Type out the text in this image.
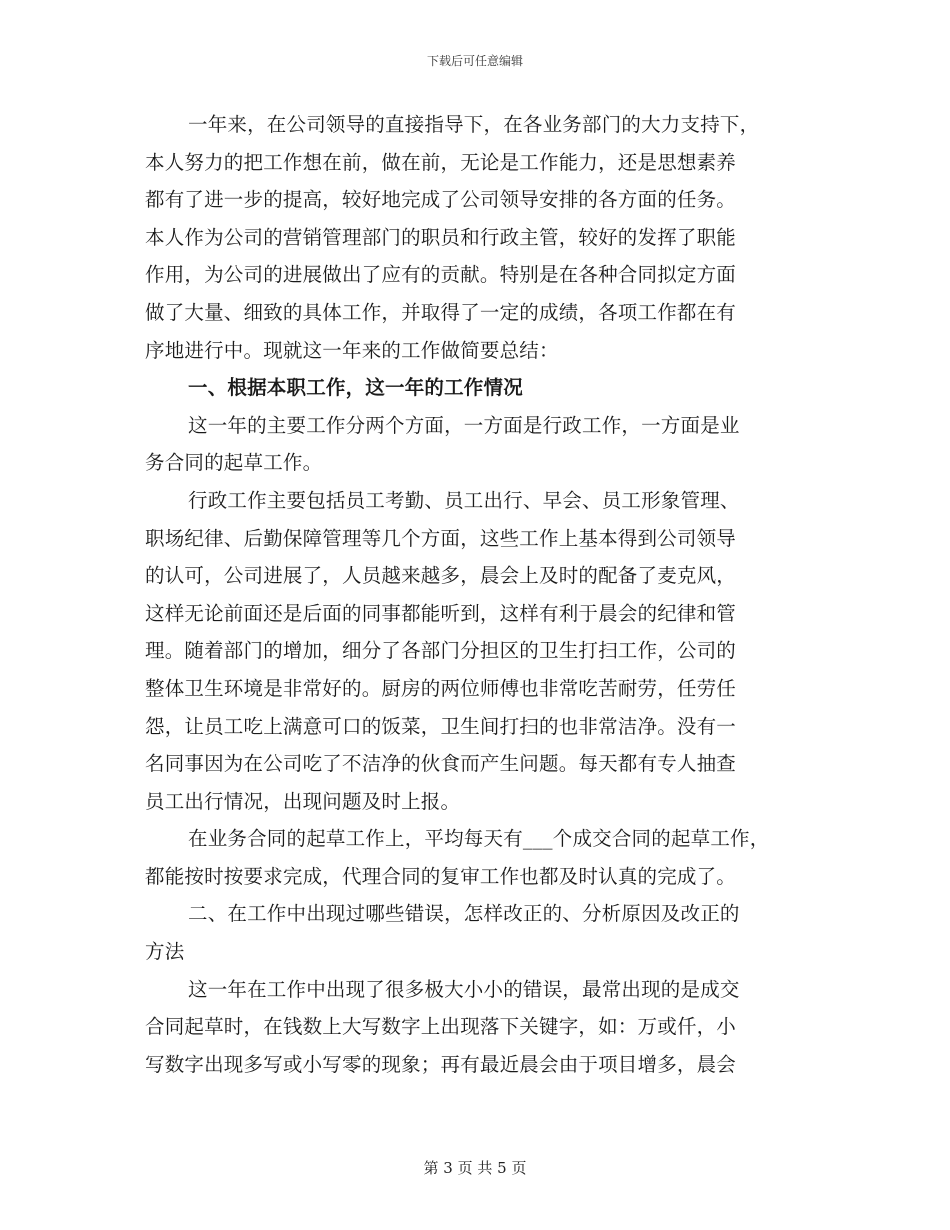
下载后可任意编辑
一年来，在公司领导的直接指导下，在各业务部门的大力支持下，
本人努力的把工作想在前，做在前，无论是工作能力，还是思想素养
都有了进一步的提高，较好地完成了公司领导安排的各方面的任务。
本人作为公司的营销管理部门的职员和行政主管，较好的发挥了职能
作用，为公司的进展做出了应有的贡献。特别是在各种合同拟定方面
做了大量、细致的具体工作，并取得了一定的成绩，各项工作都在有
序地进行中。现就这一年来的工作做简要总结：
一、根据本职工作，这一年的工作情况
这一年的主要工作分两个方面，一方面是行政工作，一方面是业
务合同的起草工作。
行政工作主要包括员工考勤、员工出行、早会、员工形象管理、
职场纪律、后勤保障管理等几个方面，这些工作上基本得到公司领导
的认可，公司进展了，人员越来越多，晨会上及时的配备了麦克风，
这样无论前面还是后面的同事都能听到，这样有利于晨会的纪律和管
理。随着部门的增加，细分了各部门分担区的卫生打扫工作，公司的
整体卫生环境是非常好的。厨房的两位师傅也非常吃苦耐劳，任劳任
怨，让员工吃上满意可口的饭菜，卫生间打扫的也非常洁净。没有一
名同事因为在公司吃了不洁净的伙食而产生问题。每天都有专人抽查
员工出行情况，出现问题及时上报。
在业务合同的起草工作上，平均每天有___个成交合同的起草工作，
都能按时按要求完成，代理合同的复审工作也都及时认真的完成了。
二、在工作中出现过哪些错误，怎样改正的、分析原因及改正的
方法
这一年在工作中出现了很多极大小小的错误，最常出现的是成交
合同起草时，在钱数上大写数字上出现落下关键字，如：万或仟，小
写数字出现多写或小写零的现象；再有最近晨会由于项目增多，晨会
第 3 页 共 5 页
